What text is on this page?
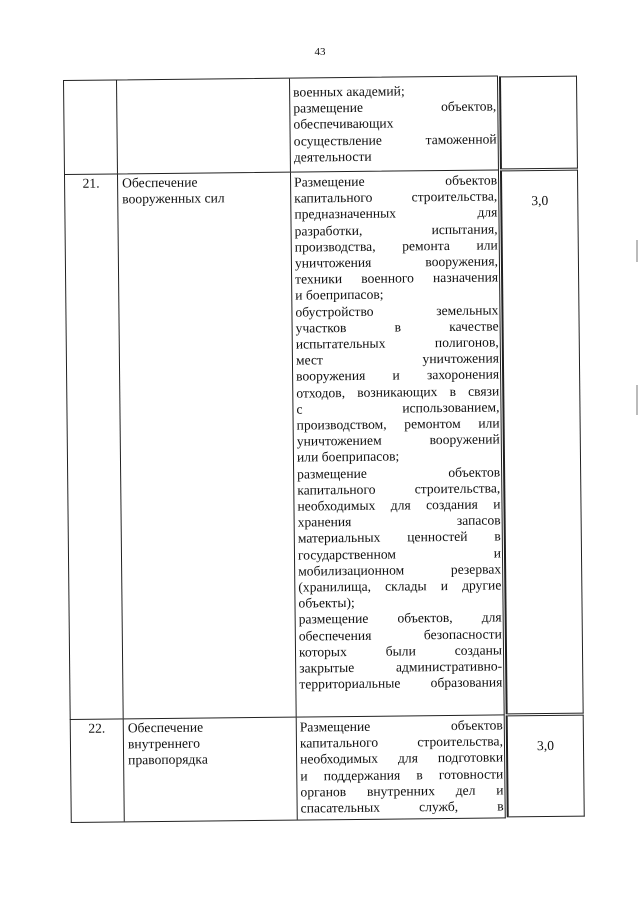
43
военных академий;
размещение объектов,
обеспечивающих
осуществление таможенной
деятельности
21.	Обеспечение вооруженных сил
Размещение объектов
капитального строительства,
предназначенных для
разработки, испытания,
производства, ремонта или
уничтожения вооружения,
техники военного назначения
и боеприпасов;
обустройство земельных
участков в качестве
испытательных полигонов,
мест уничтожения
вооружения и захоронения
отходов, возникающих в связи
с использованием,
производством, ремонтом или
уничтожением вооружений
или боеприпасов;
размещение объектов
капитального строительства,
необходимых для создания и
хранения запасов
материальных ценностей в
государственном и
мобилизационном резервах
(хранилища, склады и другие
объекты);
размещение объектов, для
обеспечения безопасности
которых были созданы
закрытые административно-
территориальные образования
3,0
22.	Обеспечение внутреннего правопорядка
Размещение объектов
капитального строительства,
необходимых для подготовки
и поддержания в готовности
органов внутренних дел и
спасательных служб, в
3,0
